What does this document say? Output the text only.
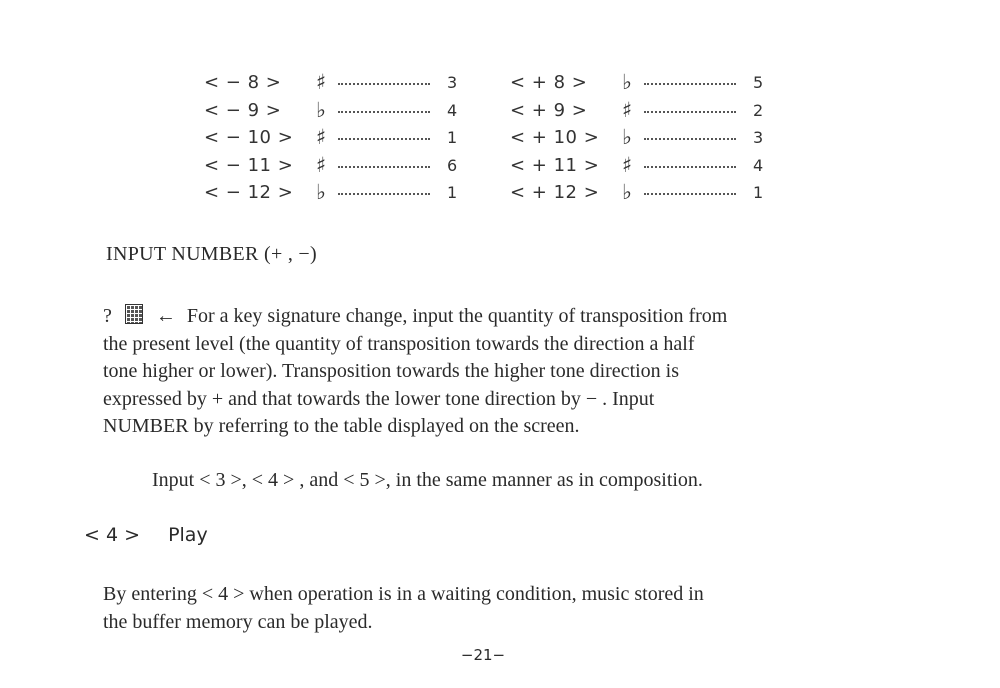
< − 8 > ♯	3
< − 9 > ♭	4
< − 10 > ♯	1
< − 11 > ♯	6
< − 12 > ♭	1
< + 8 > ♭	5
< + 9 > ♯	2
< + 10 > ♭	3
< + 11 > ♯	4
< + 12 > ♭	1
INPUT NUMBER (+ , −)
? ← For a key signature change, input the quantity of transposition from
the present level (the quantity of transposition towards the direction a half
tone higher or lower). Transposition towards the higher tone direction is
expressed by + and that towards the lower tone direction by − . Input
NUMBER by referring to the table displayed on the screen.
Input < 3 >, < 4 > , and < 5 >, in the same manner as in composition.
< 4 > Play
By entering < 4 > when operation is in a waiting condition, music stored in
the buffer memory can be played.
−21−
